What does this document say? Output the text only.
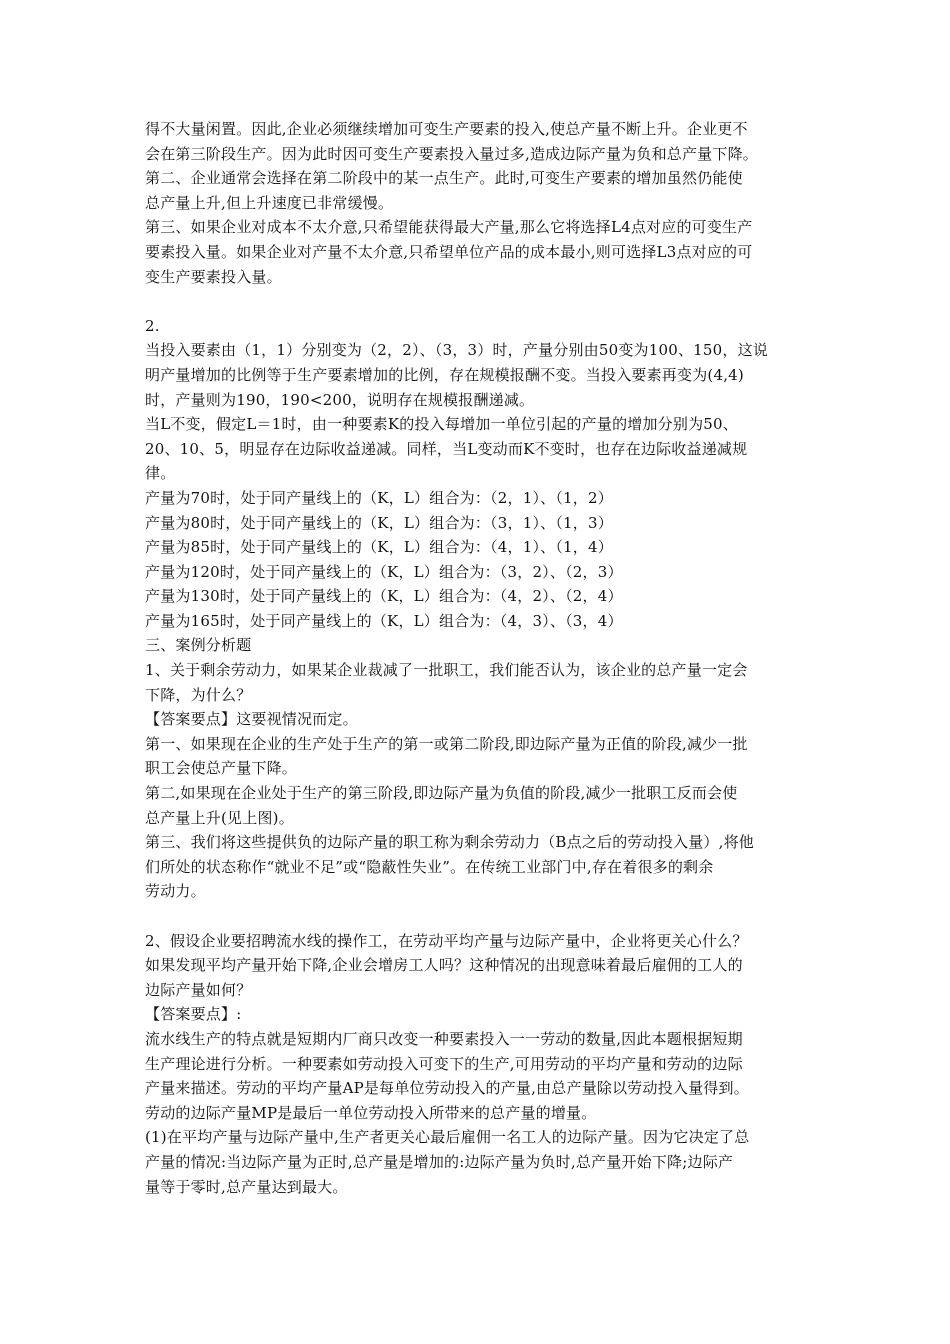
得不大量闲置。因此,企业必须继续增加可变生产要素的投入,使总产量不断上升。企业更不
会在第三阶段生产。因为此时因可变生产要素投入量过多,造成边际产量为负和总产量下降。
第二、企业通常会选择在第二阶段中的某一点生产。此时,可变生产要素的增加虽然仍能使
总产量上升,但上升速度已非常缓慢。
第三、如果企业对成本不太介意,只希望能获得最大产量,那么它将选择L4点对应的可变生产
要素投入量。如果企业对产量不太介意,只希望单位产品的成本最小,则可选择L3点对应的可
变生产要素投入量。
2.
当投入要素由（1，1）分别变为（2，2）、（3，3）时，产量分别由50变为100、150，这说
明产量增加的比例等于生产要素增加的比例，存在规模报酬不变。当投入要素再变为(4,4)
时，产量则为190，190<200，说明存在规模报酬递减。
当L不变，假定L＝1时，由一种要素K的投入每增加一单位引起的产量的增加分别为50、
20、10、5，明显存在边际收益递减。同样，当L变动而K不变时，也存在边际收益递减规
律。
产量为70时，处于同产量线上的（K，L）组合为：（2，1）、（1，2）
产量为80时，处于同产量线上的（K，L）组合为：（3，1）、（1，3）
产量为85时，处于同产量线上的（K，L）组合为：（4，1）、（1，4）
产量为120时，处于同产量线上的（K，L）组合为：（3，2）、（2，3）
产量为130时，处于同产量线上的（K，L）组合为：（4，2）、（2，4）
产量为165时，处于同产量线上的（K，L）组合为：（4，3）、（3，4）
三、案例分析题
1、关于剩余劳动力，如果某企业裁减了一批职工，我们能否认为，该企业的总产量一定会
下降，为什么？
【答案要点】这要视情况而定。
第一、如果现在企业的生产处于生产的第一或第二阶段,即边际产量为正值的阶段,减少一批
职工会使总产量下降。
第二,如果现在企业处于生产的第三阶段,即边际产量为负值的阶段,减少一批职工反而会使
总产量上升(见上图)。
第三、我们将这些提供负的边际产量的职工称为剩余劳动力（B点之后的劳动投入量）,将他
们所处的状态称作“就业不足”或“隐蔽性失业”。在传统工业部门中,存在着很多的剩余
劳动力。
2、假设企业要招聘流水线的操作工，在劳动平均产量与边际产量中，企业将更关心什么？
如果发现平均产量开始下降,企业会增房工人吗？这种情况的出现意味着最后雇佣的工人的
边际产量如何？
【答案要点】:
流水线生产的特点就是短期内厂商只改变一种要素投入一一劳动的数量,因此本题根据短期
生产理论进行分析。一种要素如劳动投入可变下的生产,可用劳动的平均产量和劳动的边际
产量来描述。劳动的平均产量AP是每单位劳动投入的产量,由总产量除以劳动投入量得到。
劳动的边际产量MP是最后一单位劳动投入所带来的总产量的增量。
(1)在平均产量与边际产量中,生产者更关心最后雇佣一名工人的边际产量。因为它决定了总
产量的情况:当边际产量为正时,总产量是增加的:边际产量为负时,总产量开始下降;边际产
量等于零时,总产量达到最大。
